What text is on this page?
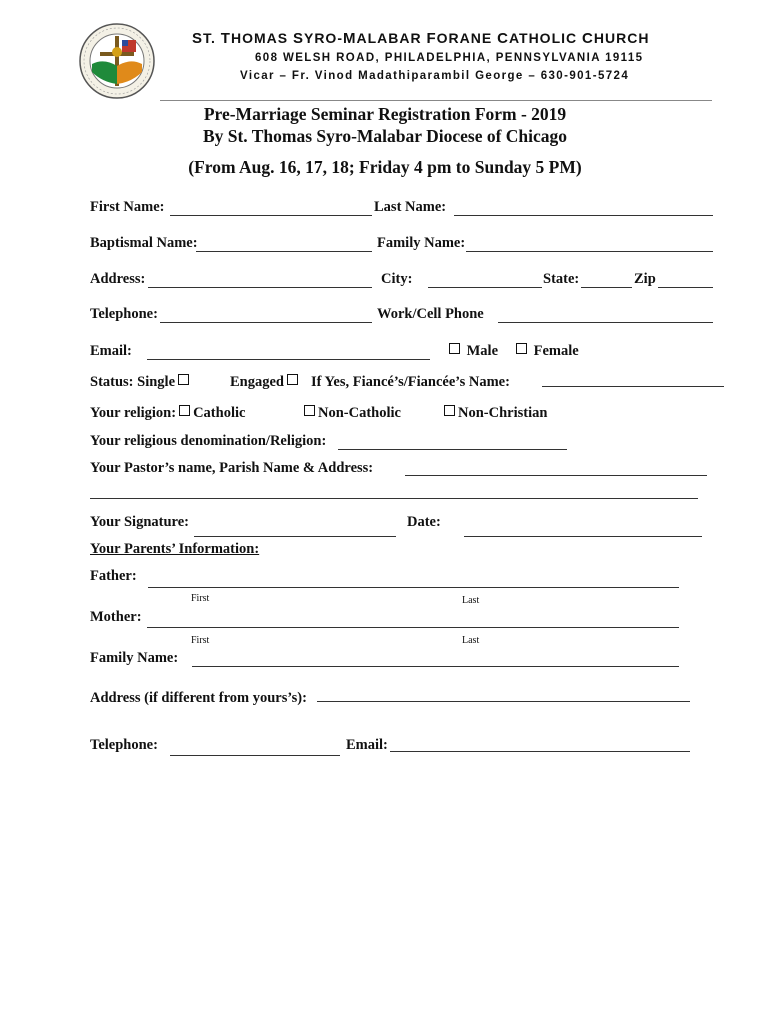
ST. THOMAS SYRO-MALABAR FORANE CATHOLIC CHURCH
608 WELSH ROAD, PHILADELPHIA, PENNSYLVANIA 19115
Vicar – Fr. Vinod Madathiparambil George – 630-901-5724
Pre-Marriage Seminar Registration Form - 2019
By St. Thomas Syro-Malabar Diocese of Chicago
(From Aug. 16, 17, 18; Friday 4 pm to Sunday 5 PM)
First Name:	Last Name:
Baptismal Name:	Family Name:
Address:	City:	State:	Zip
Telephone:	Work/Cell Phone
Email:	Male	Female
Status: Single	Engaged	If Yes, Fiancé’s/Fiancée’s Name:
Your religion: Catholic	Non-Catholic	Non-Christian
Your religious denomination/Religion:
Your Pastor’s name, Parish Name & Address:
Your Signature:	Date:
Your Parents’ Information:
Father:
First	Last
Mother:
First	Last
Family Name:
Address (if different from yours’s):
Telephone:	Email:
